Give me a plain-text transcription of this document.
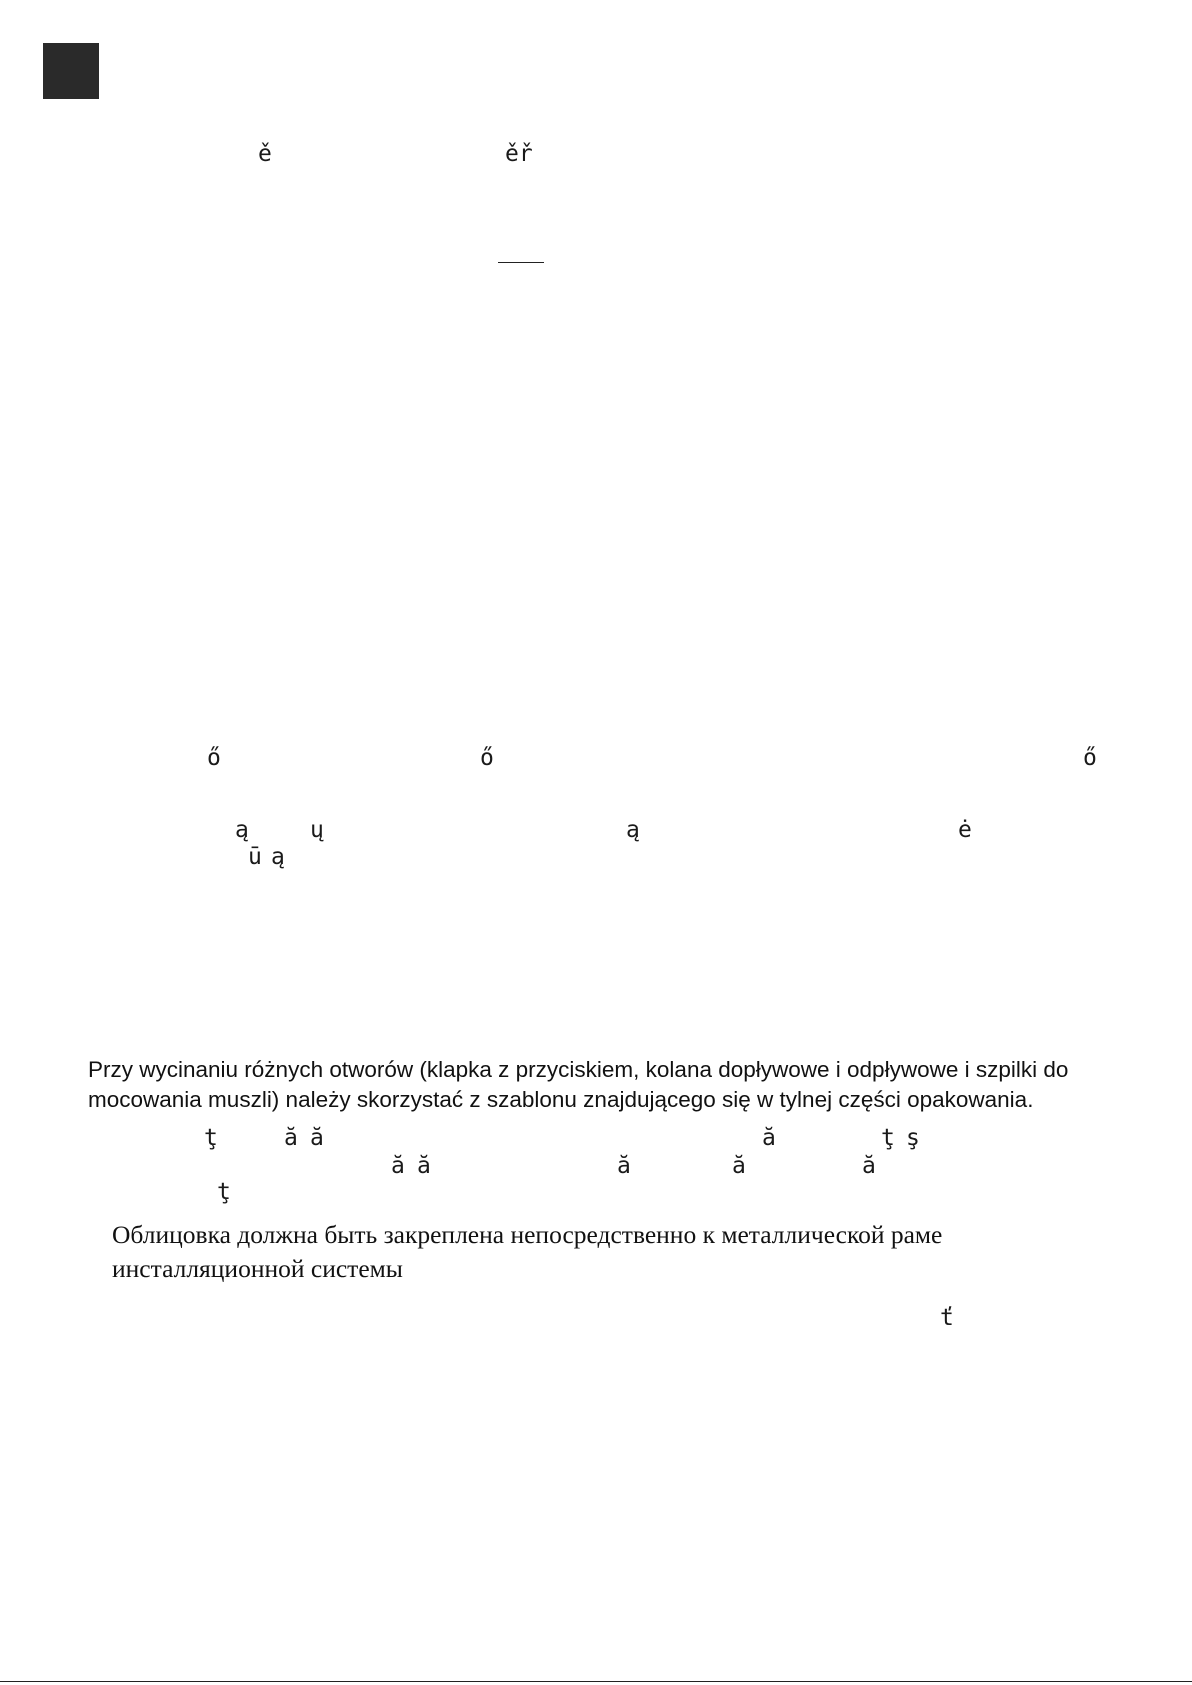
ě	ěř
ő	ő	ő
ą	ų	ą	ė
ū ą
Przy wycinaniu różnych otworów (klapka z przyciskiem, kolana dopływowe i odpływowe i szpilki do
mocowania muszli) należy skorzystać z szablonu znajdującego się w tylnej części opakowania.
ţ	ă ă	ă	ţ ş
ă ă	ă	ă	ă
ţ
Облицовка должна быть закреплена непосредственно к металлической раме
инсталляционной системы
ť
